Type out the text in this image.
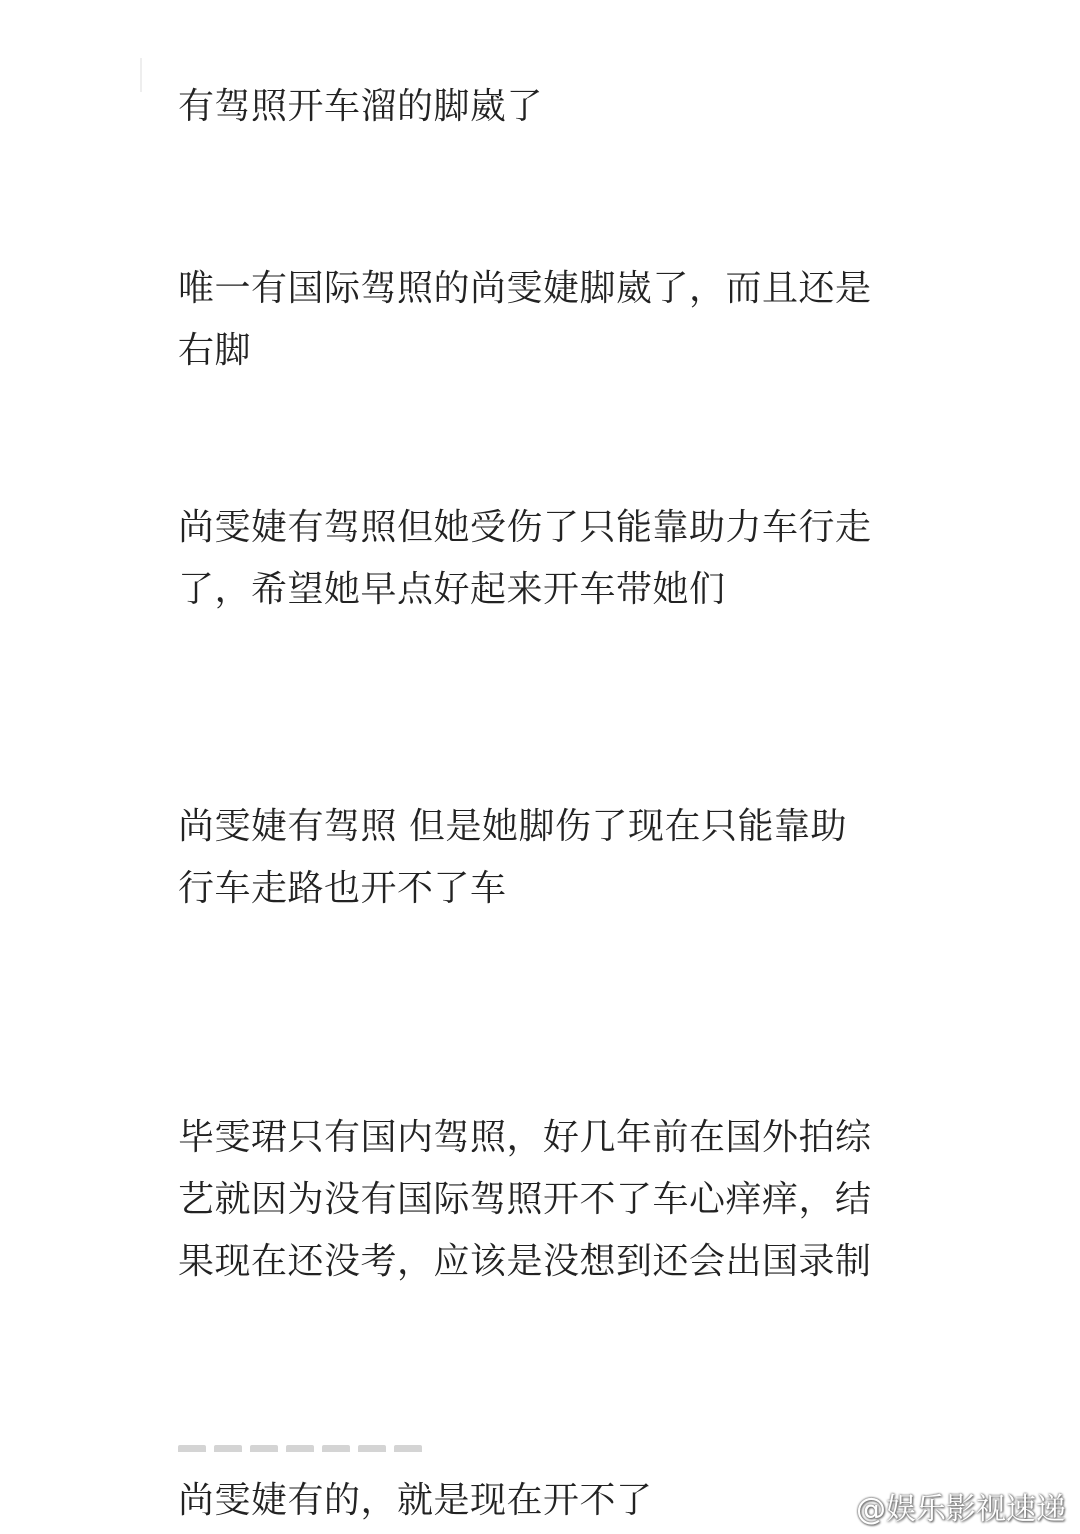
有驾照开车溜的脚崴了

唯一有国际驾照的尚雯婕脚崴了，而且还是
右脚

尚雯婕有驾照但她受伤了只能靠助力车行走
了，希望她早点好起来开车带她们

尚雯婕有驾照 但是她脚伤了现在只能靠助
行车走路也开不了车

毕雯珺只有国内驾照，好几年前在国外拍综
艺就因为没有国际驾照开不了车心痒痒，结
果现在还没考，应该是没想到还会出国录制

尚雯婕有的，就是现在开不了	@娱乐影视速递
